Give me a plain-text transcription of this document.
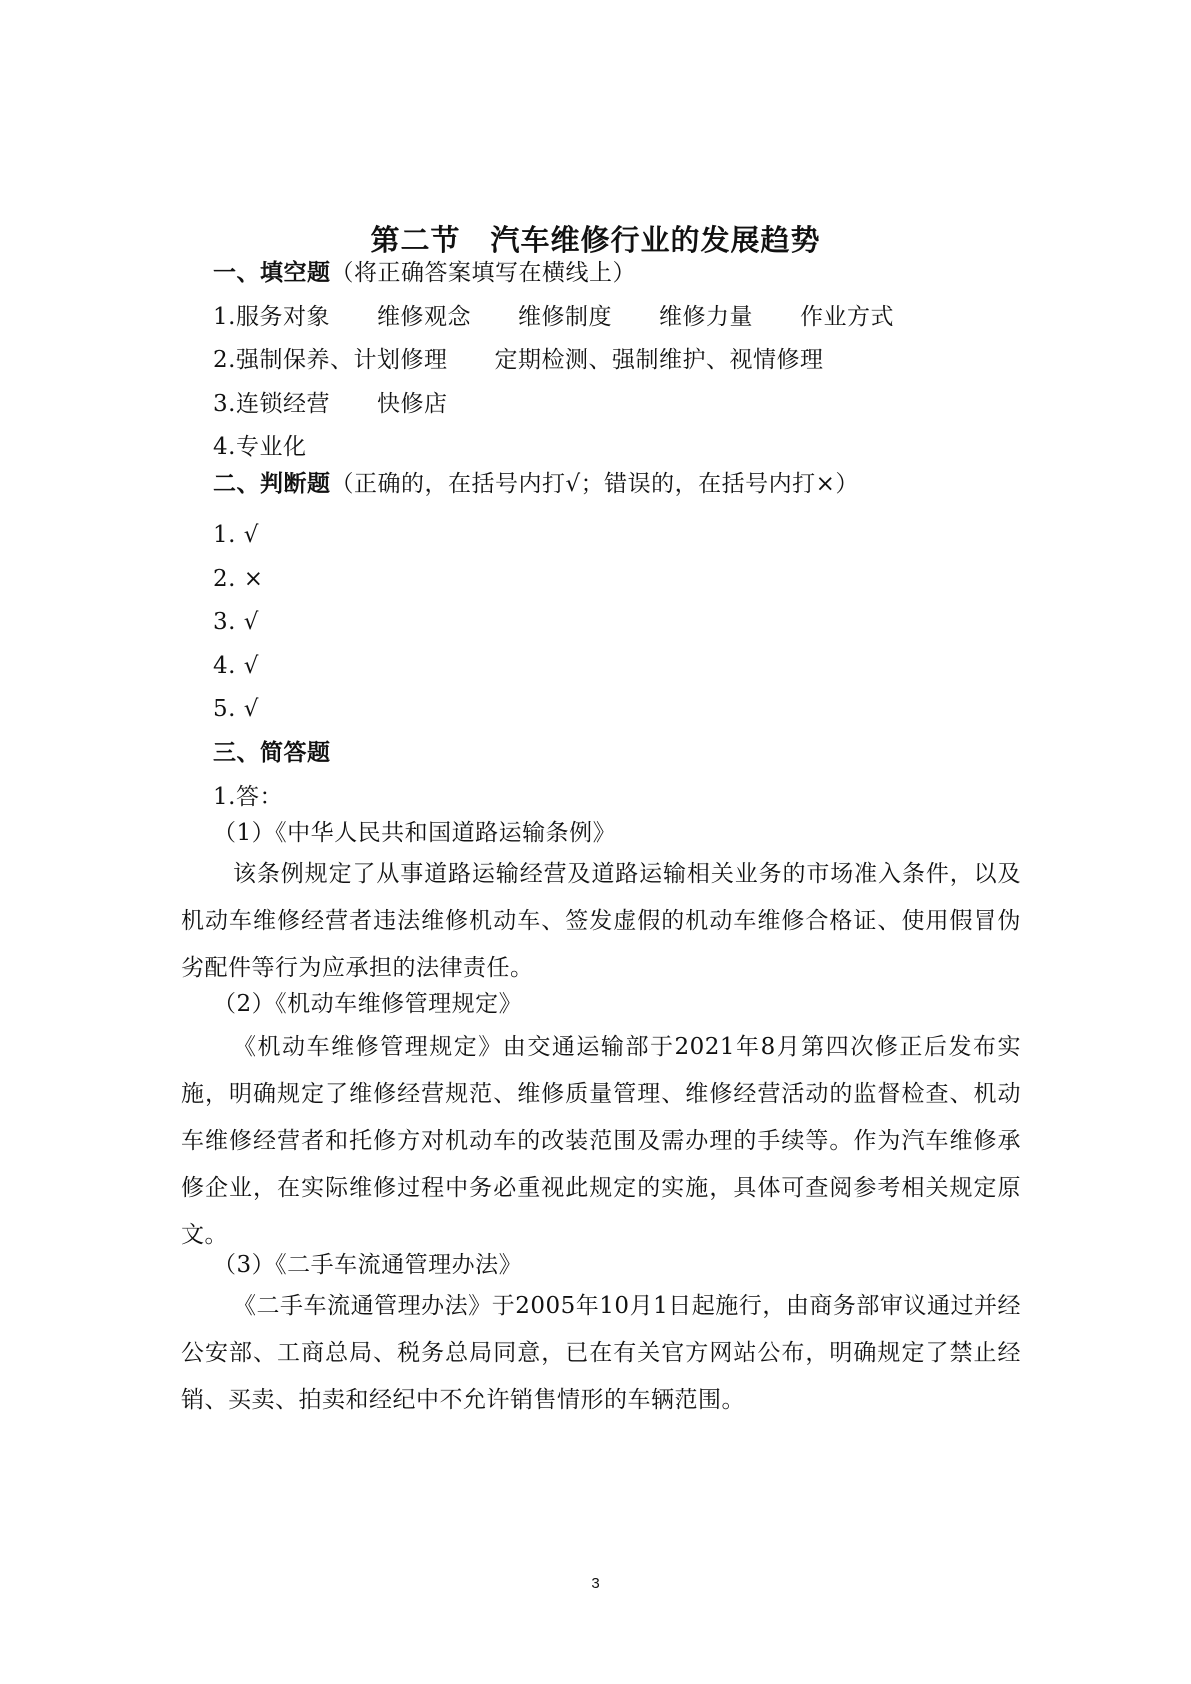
第二节　汽车维修行业的发展趋势
一、填空题（将正确答案填写在横线上）
1.服务对象　　维修观念　　维修制度　　维修力量　　作业方式
2.强制保养、计划修理　　定期检测、强制维护、视情修理
3.连锁经营　　快修店
4.专业化
二、判断题（正确的，在括号内打√；错误的，在括号内打×）
1. √
2. ×
3. √
4. √
5. √
三、简答题
1.答：
（1）《中华人民共和国道路运输条例》
该条例规定了从事道路运输经营及道路运输相关业务的市场准入条件，以及机动车维修经营者违法维修机动车、签发虚假的机动车维修合格证、使用假冒伪劣配件等行为应承担的法律责任。
（2）《机动车维修管理规定》
《机动车维修管理规定》由交通运输部于2021年8月第四次修正后发布实施，明确规定了维修经营规范、维修质量管理、维修经营活动的监督检查、机动车维修经营者和托修方对机动车的改装范围及需办理的手续等。作为汽车维修承修企业，在实际维修过程中务必重视此规定的实施，具体可查阅参考相关规定原文。
（3）《二手车流通管理办法》
《二手车流通管理办法》于2005年10月1日起施行，由商务部审议通过并经公安部、工商总局、税务总局同意，已在有关官方网站公布，明确规定了禁止经销、买卖、拍卖和经纪中不允许销售情形的车辆范围。
3
